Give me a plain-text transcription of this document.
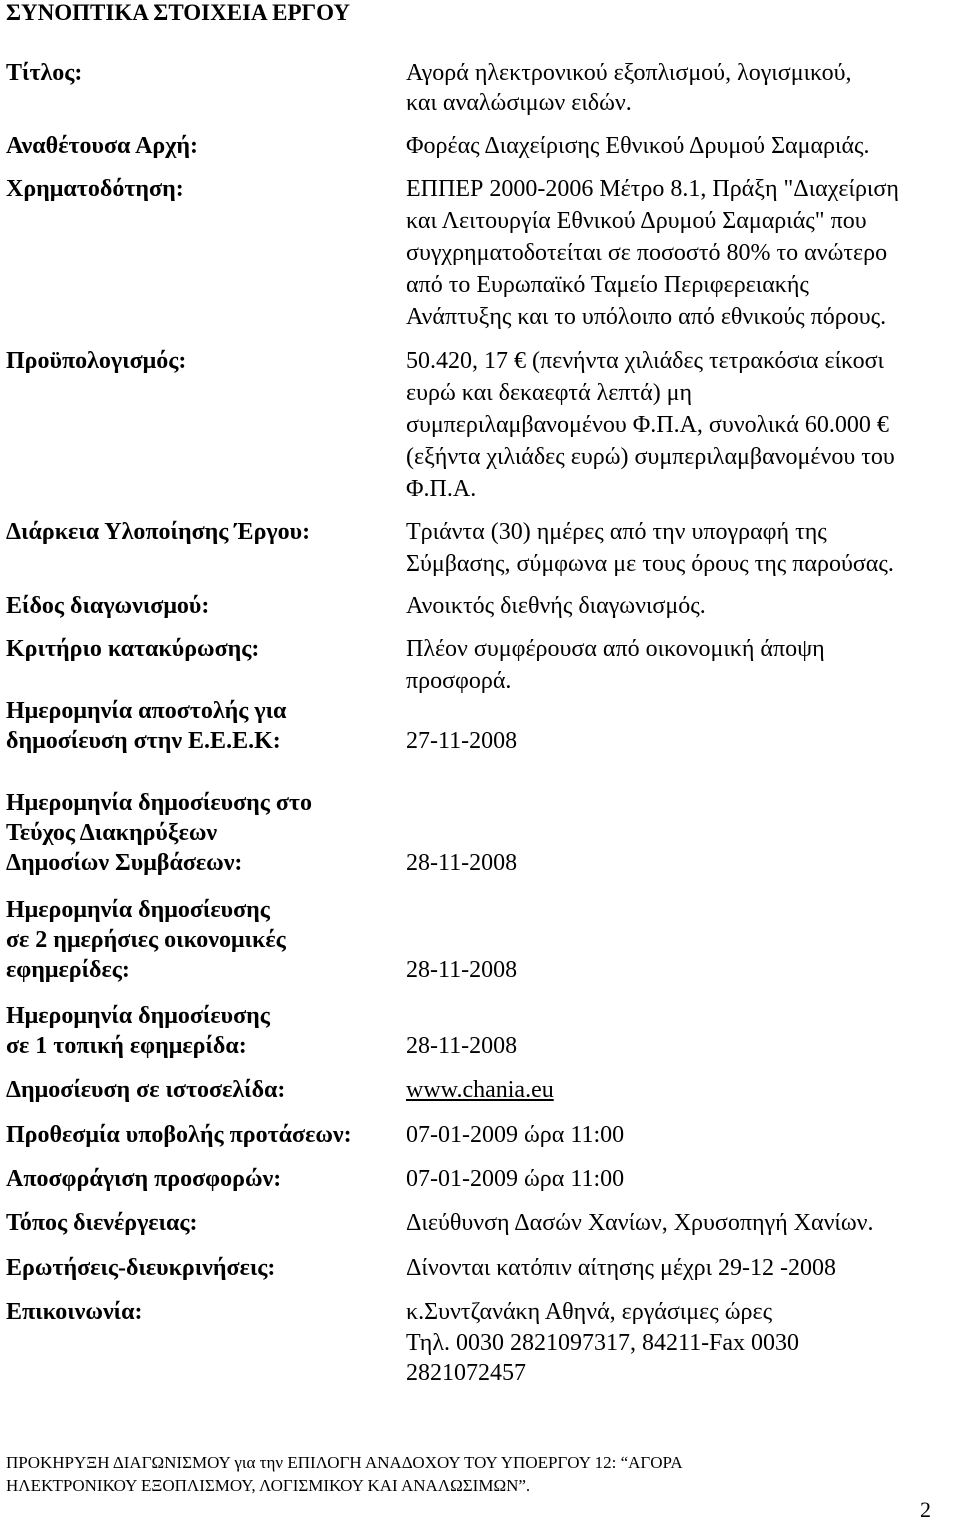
ΣΥΝΟΠΤΙΚΑ ΣΤΟΙΧΕΙΑ ΕΡΓΟΥ
Τίτλος:	Αγορά ηλεκτρονικού εξοπλισμού, λογισμικού,
και αναλώσιμων ειδών.
Αναθέτουσα Αρχή:	Φορέας Διαχείρισης Εθνικού Δρυμού Σαμαριάς.
Χρηματοδότηση:	ΕΠΠΕΡ 2000-2006 Μέτρο 8.1, Πράξη "Διαχείριση
και Λειτουργία Εθνικού Δρυμού Σαμαριάς" που
συγχρηματοδοτείται σε ποσοστό 80% το ανώτερο
από το Ευρωπαϊκό Ταμείο Περιφερειακής
Ανάπτυξης και το υπόλοιπο από εθνικούς πόρους.
Προϋπολογισμός:	50.420, 17 € (πενήντα χιλιάδες τετρακόσια είκοσι
ευρώ και δεκαεφτά λεπτά) μη
συμπεριλαμβανομένου Φ.Π.Α, συνολικά 60.000 €
(εξήντα χιλιάδες ευρώ) συμπεριλαμβανομένου του
Φ.Π.Α.
Διάρκεια Υλοποίησης Έργου:	Τριάντα (30) ημέρες από την υπογραφή της
Σύμβασης, σύμφωνα με τους όρους της παρούσας.
Είδος διαγωνισμού:	Ανοικτός διεθνής διαγωνισμός.
Κριτήριο κατακύρωσης:	Πλέον συμφέρουσα από οικονομική άποψη
προσφορά.
Ημερομηνία αποστολής για
δημοσίευση στην Ε.Ε.Ε.Κ:	27-11-2008
Ημερομηνία δημοσίευσης στο
Τεύχος Διακηρύξεων
Δημοσίων Συμβάσεων:	28-11-2008
Ημερομηνία δημοσίευσης
σε 2 ημερήσιες οικονομικές
εφημερίδες:	28-11-2008
Ημερομηνία δημοσίευσης
σε 1 τοπική εφημερίδα:	28-11-2008
Δημοσίευση σε ιστοσελίδα:	www.chania.eu
Προθεσμία υποβολής προτάσεων: 07-01-2009 ώρα 11:00
Αποσφράγιση προσφορών:	07-01-2009 ώρα 11:00
Τόπος διενέργειας:	Διεύθυνση Δασών Χανίων, Χρυσοπηγή Χανίων.
Ερωτήσεις-διευκρινήσεις:	Δίνονται κατόπιν αίτησης μέχρι 29-12 -2008
Επικοινωνία:	κ.Συντζανάκη Αθηνά, εργάσιμες ώρες
Τηλ. 0030 2821097317, 84211-Fax 0030
2821072457
ΠΡΟΚΗΡΥΞΗ ΔΙΑΓΩΝΙΣΜΟΥ για την ΕΠΙΛΟΓΗ ΑΝΑΔΟΧΟΥ ΤΟΥ ΥΠΟΕΡΓΟΥ 12: “ΑΓΟΡΑ
ΗΛΕΚΤΡΟΝΙΚΟΥ ΕΞΟΠΛΙΣΜΟΥ, ΛΟΓΙΣΜΙΚΟΥ ΚΑΙ ΑΝΑΛΩΣΙΜΩΝ”.
2
